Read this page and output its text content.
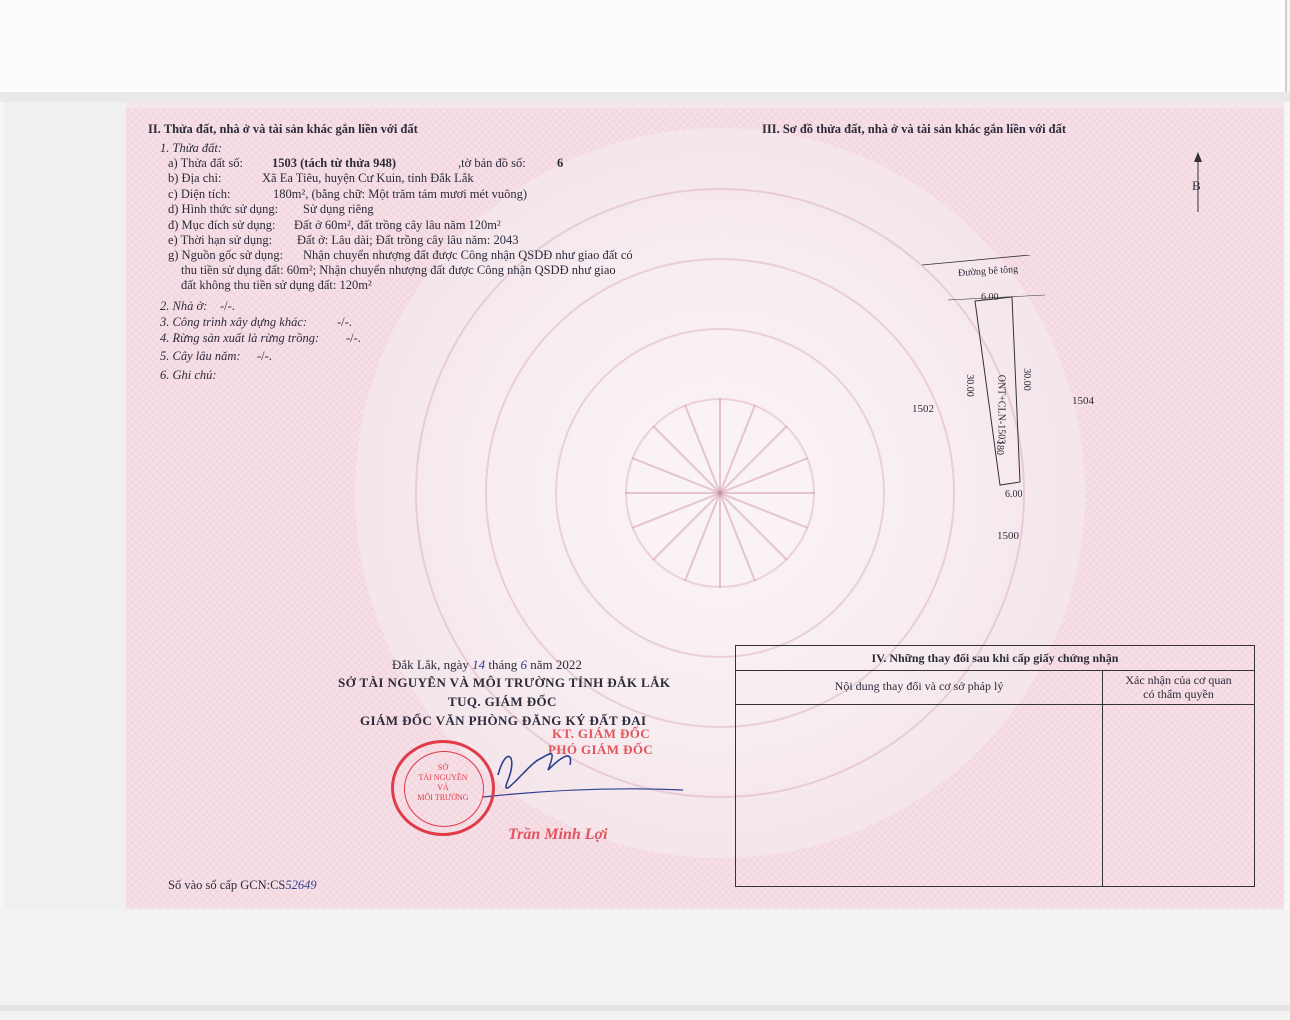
II. Thửa đất, nhà ở và tài sản khác gắn liền với đất
1. Thửa đất:
a) Thửa đất số: 1503 (tách từ thửa 948)	,tờ bản đồ số:	6
b) Địa chỉ:	Xã Ea Tiêu, huyện Cư Kuin, tỉnh Đắk Lắk
c) Diện tích:	180m², (bằng chữ: Một trăm tám mươi mét vuông)
d) Hình thức sử dụng: Sử dụng riêng
đ) Mục đích sử dụng: Đất ở 60m², đất trồng cây lâu năm 120m²
e) Thời hạn sử dụng: Đất ở: Lâu dài; Đất trồng cây lâu năm: 2043
g) Nguồn gốc sử dụng: Nhận chuyển nhượng đất được Công nhận QSDĐ như giao đất có
thu tiền sử dụng đất: 60m²; Nhận chuyển nhượng đất được Công nhận QSDĐ như giao
đất không thu tiền sử dụng đất: 120m²
2. Nhà ở: -/-.
3. Công trình xây dựng khác: -/-.
4. Rừng sản xuất là rừng trồng: -/-.
5. Cây lâu năm: -/-.
6. Ghi chú:
III. Sơ đồ thửa đất, nhà ở và tài sản khác gắn liền với đất
B
Đường bê tông
6.00
6.00
30.00	30.00
ONT+CLN-1503
180
1502
1504
1500
Đắk Lắk, ngày 14 tháng 6 năm 2022
SỞ TÀI NGUYÊN VÀ MÔI TRƯỜNG TỈNH ĐẮK LẮK
TUQ. GIÁM ĐỐC
GIÁM ĐỐC VĂN PHÒNG ĐĂNG KÝ ĐẤT ĐAI
KT. GIÁM ĐỐC
PHÓ GIÁM ĐỐC
SỞ
TÀI NGUYÊN
VÀ
MÔI TRƯỜNG
Trần Minh Lợi
Số vào sổ cấp GCN:CS52649
IV. Những thay đổi sau khi cấp giấy chứng nhận
Nội dung thay đổi và cơ sở pháp lý	Xác nhận của cơ quan
có thẩm quyền
